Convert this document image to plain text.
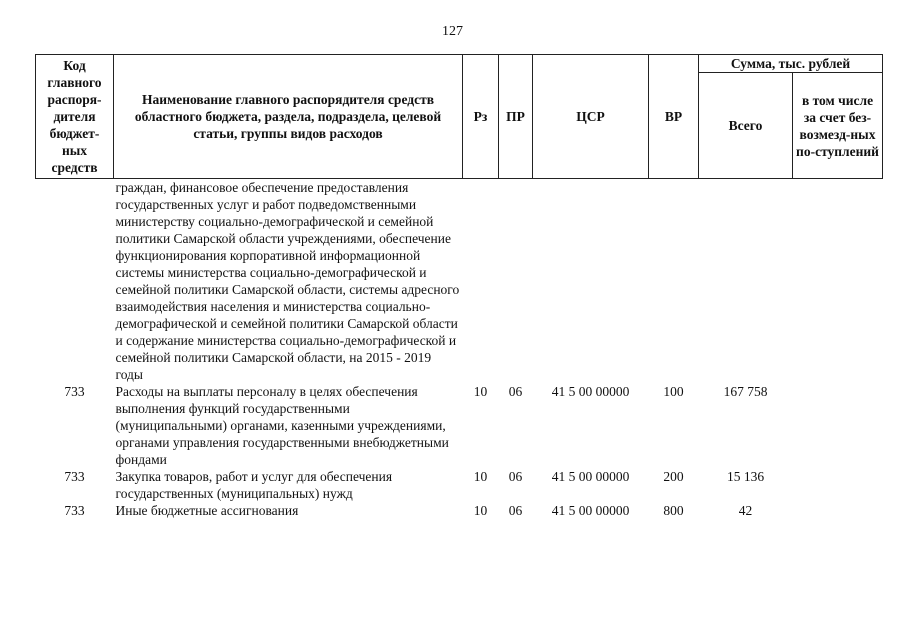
127
Код главного распоря-дителя бюджет-ных средств	Наименование главного распорядителя средств областного бюджета, раздела, подраздела, целевой статьи, группы видов расходов	Рз	ПР	ЦСР	ВР	Сумма, тыс. рублей	
						Всего	в том числе за счет без-возмезд-ных по-ступлений
	граждан, финансовое обеспечение предоставления государственных услуг и работ подведомственными министерству социально-демографической и семейной политики Самарской области учреждениями, обеспечение функционирования корпоративной информационной системы министерства социально-демографической и семейной политики Самарской области, системы адресного взаимодействия населения и министерства социально-демографической и семейной политики Самарской области и содержание министерства социально-демографической и семейной политики Самарской области, на 2015 - 2019 годы						
733	Расходы на выплаты персоналу в целях обеспечения выполнения функций государственными (муниципальными) органами, казенными учреждениями, органами управления государственными внебюджетными фондами	10	06	41 5 00 00000	100	167 758	
733	Закупка товаров, работ и услуг для обеспечения государственных (муниципальных) нужд	10	06	41 5 00 00000	200	15 136	
733	Иные бюджетные ассигнования	10	06	41 5 00 00000	800	42	
